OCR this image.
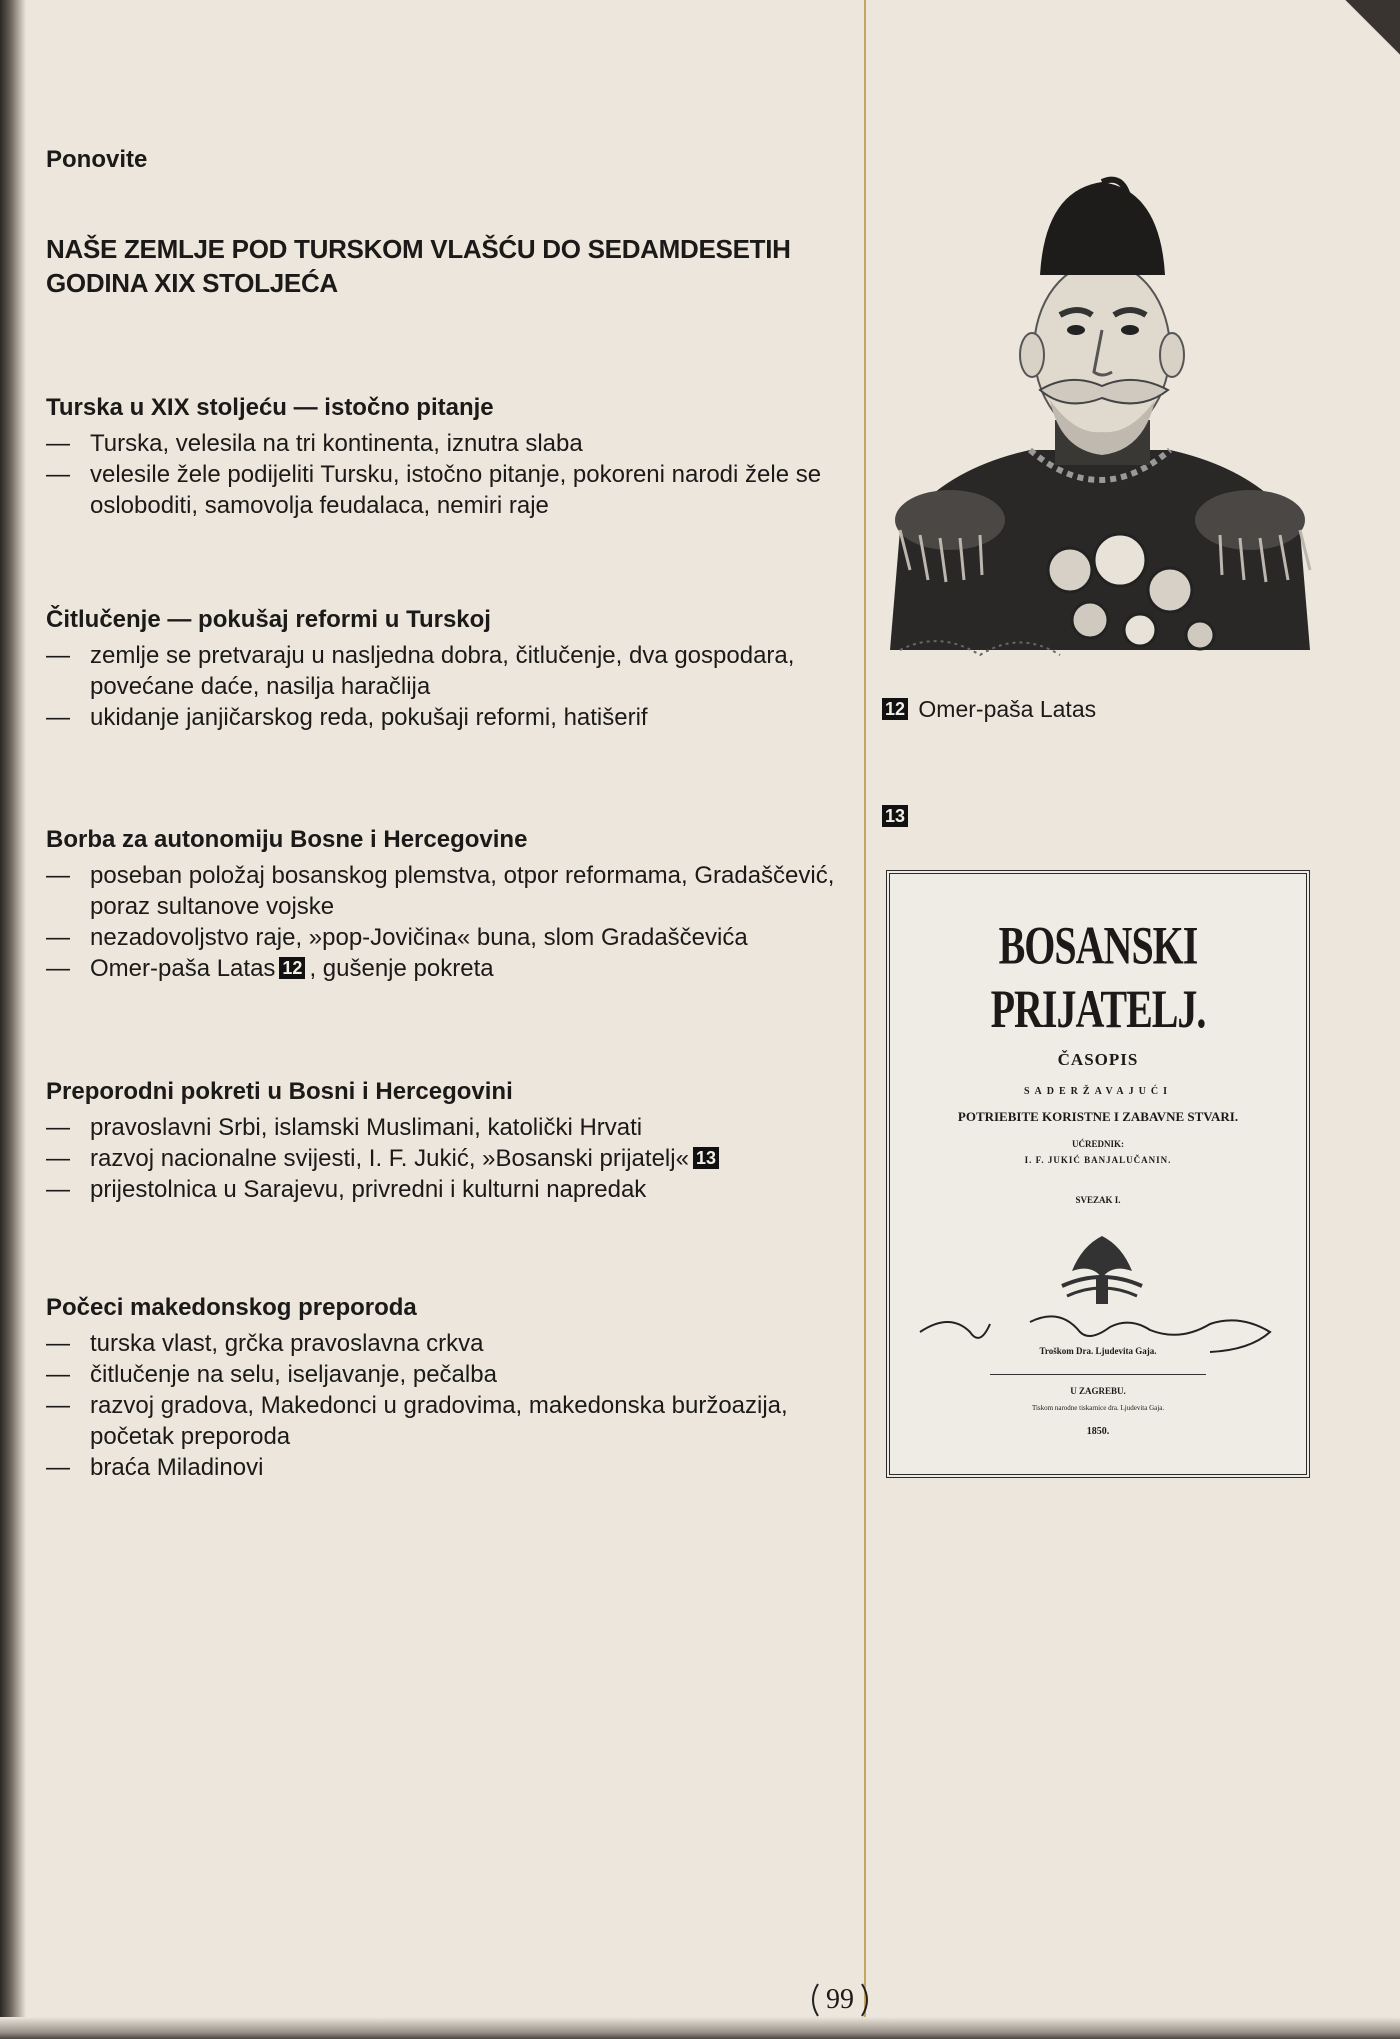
Ponovite
NAŠE ZEMLJE POD TURSKOM VLAŠĆU DO SEDAMDESETIH GODINA XIX STOLJEĆA
Turska u XIX stoljeću — istočno pitanje
— Turska, velesila na tri kontinenta, iznutra slaba
— velesile žele podijeliti Tursku, istočno pitanje, pokoreni narodi žele se osloboditi, samovolja feudalaca, nemiri raje
Čitlučenje — pokušaj reformi u Turskoj
— zemlje se pretvaraju u nasljedna dobra, čitlučenje, dva gospodara, povećane daće, nasilja haračlija
— ukidanje janjičarskog reda, pokušaji reformi, hatišerif
Borba za autonomiju Bosne i Hercegovine
— poseban položaj bosanskog plemstva, otpor reformama, Gradaščević, poraz sultanove vojske
— nezadovoljstvo raje, »pop-Jovičina« buna, slom Gradaščevića
— Omer-paša Latas 12 , gušenje pokreta
Preporodni pokreti u Bosni i Hercegovini
— pravoslavni Srbi, islamski Muslimani, katolički Hrvati
— razvoj nacionalne svijesti, I. F. Jukić, »Bosanski prijatelj« 13
— prijestolnica u Sarajevu, privredni i kulturni napredak
Počeci makedonskog preporoda
— turska vlast, grčka pravoslavna crkva
— čitlučenje na selu, iseljavanje, pečalba
— razvoj gradova, Makedonci u gradovima, makedonska buržoazija, početak preporoda
— braća Miladinovi
12 Omer-paša Latas
13
BOSANSKI PRIJATELJ.
ČASOPIS
SADERŽAVAJUĆI
POTRIEBITE KORISTNE I ZABAVNE STVARI.
UĆREDNIK:
I. F. JUKIĆ BANJALUČANIN.
SVEZAK I.
Troškom Dra. Ljudevita Gaja.
U ZAGREBU.
Tiskom narodne tiskarnice dra. Ljudevita Gaja.
1850.
99
